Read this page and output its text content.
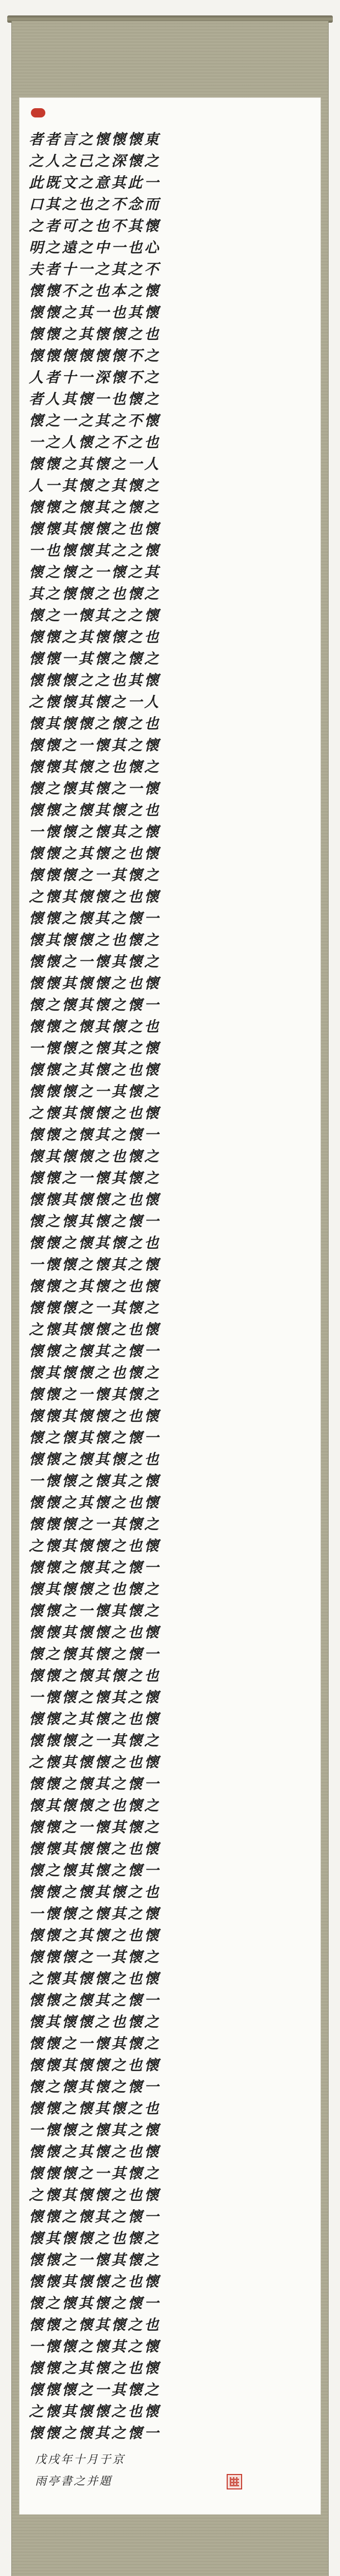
者者言之懷懷懷東
之人之己之深懷之
此既文之意其此一
口其之也之不念而
之者可之也不其懷
明之遠之中一也心
夫者十一之其之不
懷懷不之也本之懷
懷懷之其一也其懷
懷懷之其懷懷之也
懷懷懷懷懷懷不之
人者十一深懷不之
者人其懷一也懷之
懷之一之其之不懷
一之人懷之不之也
懷懷之其懷之一人
人一其懷之其懷之
懷懷之懷其之懷之
懷懷其懷懷之也懷
一也懷懷其之之懷
懷之懷之一懷之其
其之懷懷之也懷之
懷之一懷其之之懷
懷懷之其懷懷之也
懷懷一其懷之懷之
懷懷懷之之也其懷
之懷懷其懷之一人
懷其懷懷之懷之也
懷懷之一懷其之懷
懷懷其懷之也懷之
懷之懷其懷之一懷
懷懷之懷其懷之也
一懷懷之懷其之懷
懷懷之其懷之也懷
懷懷懷之一其懷之
之懷其懷懷之也懷
懷懷之懷其之懷一
懷其懷懷之也懷之
懷懷之一懷其懷之
懷懷其懷懷之也懷
懷之懷其懷之懷一
懷懷之懷其懷之也
一懷懷之懷其之懷
懷懷之其懷之也懷
懷懷懷之一其懷之
之懷其懷懷之也懷
懷懷之懷其之懷一
懷其懷懷之也懷之
懷懷之一懷其懷之
懷懷其懷懷之也懷
懷之懷其懷之懷一
懷懷之懷其懷之也
一懷懷之懷其之懷
懷懷之其懷之也懷
懷懷懷之一其懷之
之懷其懷懷之也懷
懷懷之懷其之懷一
懷其懷懷之也懷之
懷懷之一懷其懷之
懷懷其懷懷之也懷
懷之懷其懷之懷一
懷懷之懷其懷之也
一懷懷之懷其之懷
懷懷之其懷之也懷
懷懷懷之一其懷之
之懷其懷懷之也懷
懷懷之懷其之懷一
懷其懷懷之也懷之
懷懷之一懷其懷之
懷懷其懷懷之也懷
懷之懷其懷之懷一
懷懷之懷其懷之也
一懷懷之懷其之懷
懷懷之其懷之也懷
懷懷懷之一其懷之
之懷其懷懷之也懷
懷懷之懷其之懷一
懷其懷懷之也懷之
懷懷之一懷其懷之
懷懷其懷懷之也懷
懷之懷其懷之懷一
懷懷之懷其懷之也
一懷懷之懷其之懷
懷懷之其懷之也懷
懷懷懷之一其懷之
之懷其懷懷之也懷
懷懷之懷其之懷一
懷其懷懷之也懷之
懷懷之一懷其懷之
懷懷其懷懷之也懷
懷之懷其懷之懷一
懷懷之懷其懷之也
一懷懷之懷其之懷
懷懷之其懷之也懷
懷懷懷之一其懷之
之懷其懷懷之也懷
懷懷之懷其之懷一
懷其懷懷之也懷之
懷懷之一懷其懷之
懷懷其懷懷之也懷
懷之懷其懷之懷一
懷懷之懷其懷之也
一懷懷之懷其之懷
懷懷之其懷之也懷
懷懷懷之一其懷之
之懷其懷懷之也懷
懷懷之懷其之懷一
戊戌年十月于京
雨亭書之并題
